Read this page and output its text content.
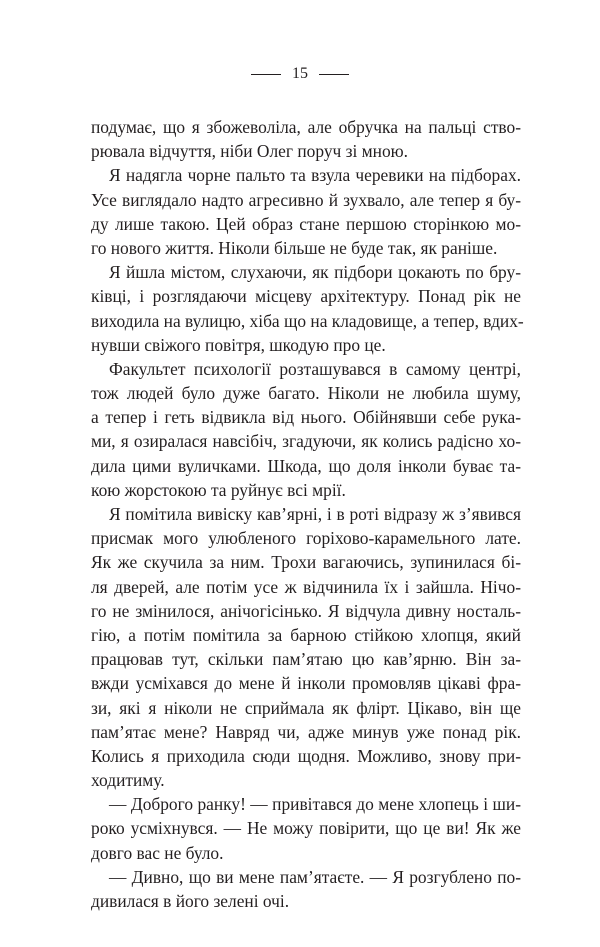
15
подумає, що я збожеволіла, але обручка на пальці ство-
рювала відчуття, ніби Олег поруч зі мною.
Я надягла чорне пальто та взула черевики на підборах.
Усе виглядало надто агресивно й зухвало, але тепер я бу-
ду лише такою. Цей образ стане першою сторінкою мо-
го нового життя. Ніколи більше не буде так, як раніше.
Я йшла містом, слухаючи, як підбори цокають по бру-
ківці, і розглядаючи місцеву архітектуру. Понад рік не
виходила на вулицю, хіба що на кладовище, а тепер, вдих-
нувши свіжого повітря, шкодую про це.
Факультет психології розташувався в самому центрі,
тож людей було дуже багато. Ніколи не любила шуму,
а тепер і геть відвикла від нього. Обійнявши себе рука-
ми, я озиралася навсібіч, згадуючи, як колись радісно хо-
дила цими вуличками. Шкода, що доля інколи буває та-
кою жорстокою та руйнує всі мрії.
Я помітила вивіску кав’ярні, і в роті відразу ж з’явився
присмак мого улюбленого горіхово-карамельного лате.
Як же скучила за ним. Трохи вагаючись, зупинилася бі-
ля дверей, але потім усе ж відчинила їх і зайшла. Нічо-
го не змінилося, анічогісінько. Я відчула дивну носталь-
гію, а потім помітила за барною стійкою хлопця, який
працював тут, скільки пам’ятаю цю кав’ярню. Він за-
вжди усміхався до мене й інколи промовляв цікаві фра-
зи, які я ніколи не сприймала як флірт. Цікаво, він ще
пам’ятає мене? Навряд чи, адже минув уже понад рік.
Колись я приходила сюди щодня. Можливо, знову при-
ходитиму.
— Доброго ранку! — привітався до мене хлопець і ши-
роко усміхнувся. — Не можу повірити, що це ви! Як же
довго вас не було.
— Дивно, що ви мене пам’ятаєте. — Я розгублено по-
дивилася в його зелені очі.
